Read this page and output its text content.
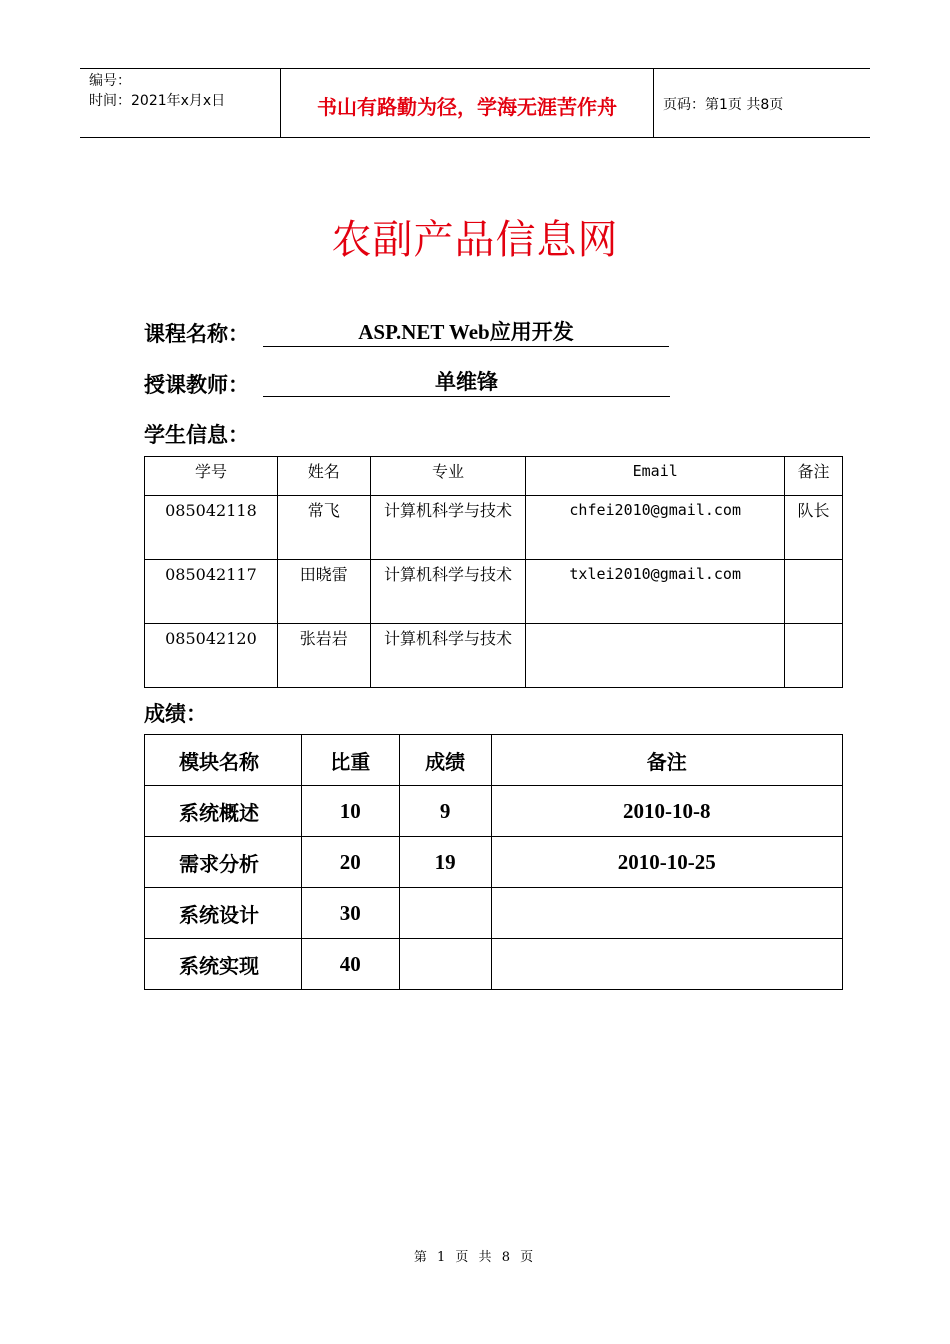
编号：
时间：2021年x月x日	书山有路勤为径，学海无涯苦作舟	页码：第1页 共8页
农副产品信息网
课程名称：	ASP.NET Web应用开发
授课教师：	单维锋
学生信息：
学号	姓名	专业	Email	备注
085042118	常飞	计算机科学与技术	chfei2010@gmail.com	队长
085042117	田晓雷	计算机科学与技术	txlei2010@gmail.com	
085042120	张岩岩	计算机科学与技术		
成绩：
模块名称	比重	成绩	备注
系统概述	10	9	2010-10-8
需求分析	20	19	2010-10-25
系统设计	30		
系统实现	40		
第 1 页 共 8 页
